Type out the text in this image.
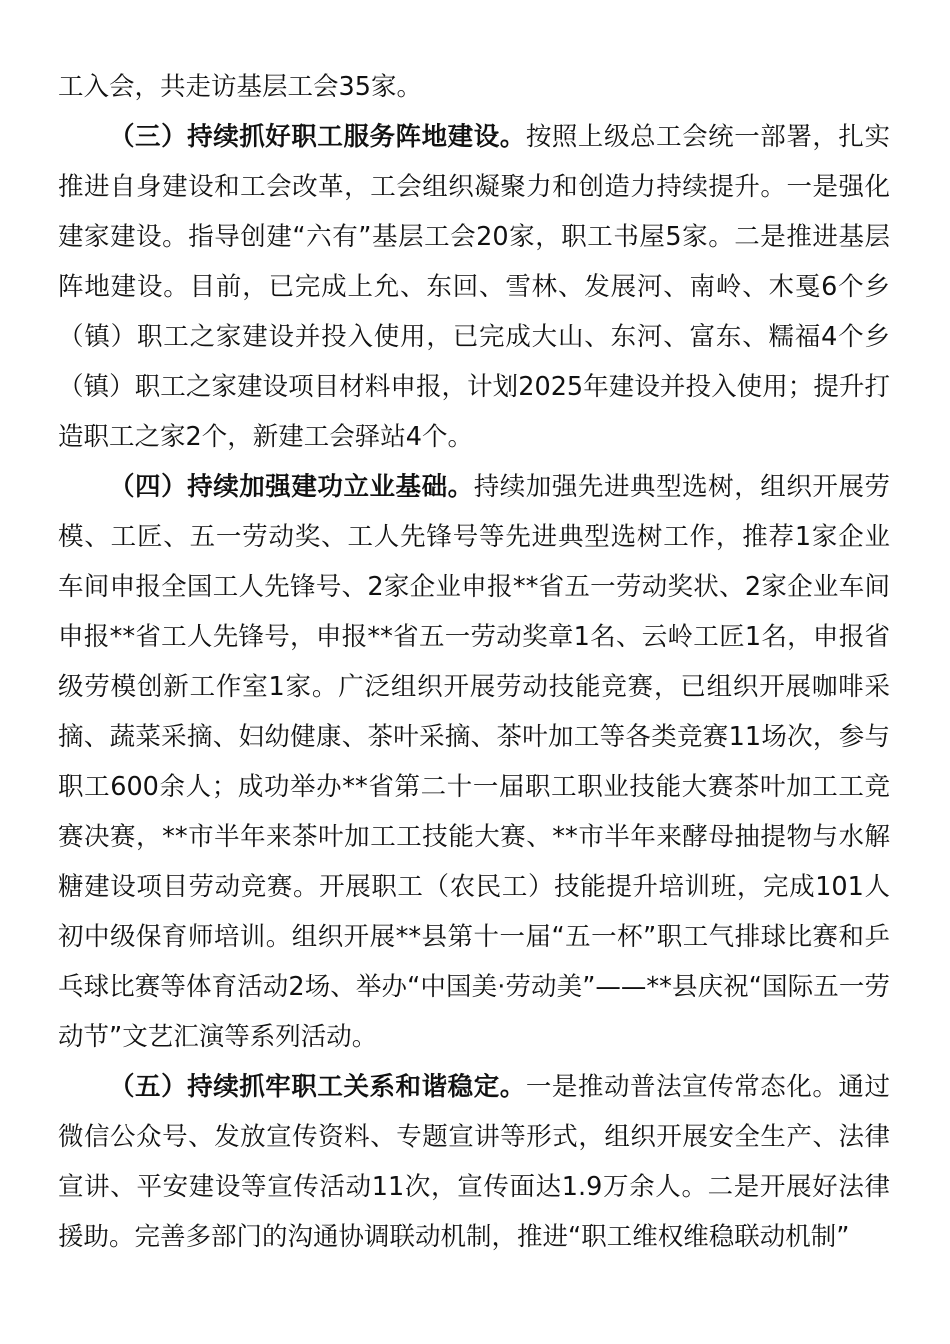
工入会，共走访基层工会35家。

（三）持续抓好职工服务阵地建设。按照上级总工会统一部署，扎实推进自身建设和工会改革，工会组织凝聚力和创造力持续提升。一是强化建家建设。指导创建“六有”基层工会20家，职工书屋5家。二是推进基层阵地建设。目前，已完成上允、东回、雪林、发展河、南岭、木戛6个乡（镇）职工之家建设并投入使用，已完成大山、东河、富东、糯福4个乡（镇）职工之家建设项目材料申报，计划2025年建设并投入使用；提升打造职工之家2个，新建工会驿站4个。

（四）持续加强建功立业基础。持续加强先进典型选树，组织开展劳模、工匠、五一劳动奖、工人先锋号等先进典型选树工作，推荐1家企业车间申报全国工人先锋号、2家企业申报**省五一劳动奖状、2家企业车间申报**省工人先锋号，申报**省五一劳动奖章1名、云岭工匠1名，申报省级劳模创新工作室1家。广泛组织开展劳动技能竞赛，已组织开展咖啡采摘、蔬菜采摘、妇幼健康、茶叶采摘、茶叶加工等各类竞赛11场次，参与职工600余人；成功举办**省第二十一届职工职业技能大赛茶叶加工工竞赛决赛，**市半年来茶叶加工工技能大赛、**市半年来酵母抽提物与水解糖建设项目劳动竞赛。开展职工（农民工）技能提升培训班，完成101人初中级保育师培训。组织开展**县第十一届“五一杯”职工气排球比赛和乒乓球比赛等体育活动2场、举办“中国美·劳动美”——**县庆祝“国际五一劳动节”文艺汇演等系列活动。

（五）持续抓牢职工关系和谐稳定。一是推动普法宣传常态化。通过微信公众号、发放宣传资料、专题宣讲等形式，组织开展安全生产、法律宣讲、平安建设等宣传活动11次，宣传面达1.9万余人。二是开展好法律援助。完善多部门的沟通协调联动机制，推进“职工维权维稳联动机制”
